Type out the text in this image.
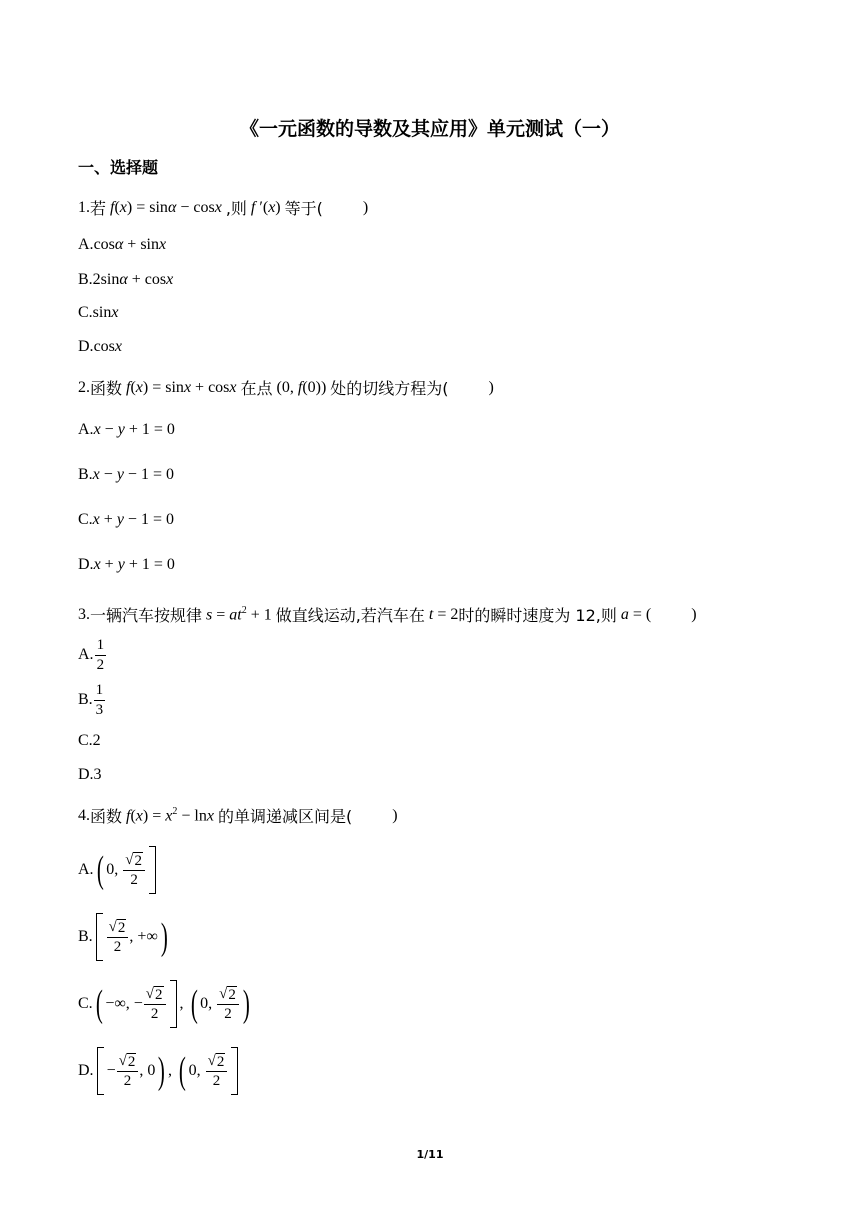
《一元函数的导数及其应用》单元测试（一）
一、选择题
1. 若
f(x) = sinα − cosx
,则
f ′(x)
等于(	)
A. cosα + sinx
B. 2sinα + cosx
C. sinx
D. cosx
2. 函数
f(x) = sinx + cosx
在点
(0, f(0))
处的切线方程为(	)
A. x − y + 1 = 0
B. x − y − 1 = 0
C. x + y − 1 = 0
D. x + y + 1 = 0
3. 一辆汽车按规律
$s = at^2 + 1$
做直线运动,若汽车在
t = 2 时的瞬时速度为 12,则
a = (	)
A. $\frac{1}{2}$
B. $\frac{1}{3}$
C.2
D.3
4. 函数
$f(x) = x^2 - \ln x$
的单调递减区间是(	)
A. ( 0, $\frac{√ 2}{2}$
B. $\frac{√ 2}{2}$ , +∞ )
C. ( −∞, − $\frac{√ 2}{2}$ , ( 0, $\frac{√ 2}{2}$ )
D. − $\frac{√ 2}{2}$ , 0 ) , ( 0, $\frac{√ 2}{2}$
1/11
